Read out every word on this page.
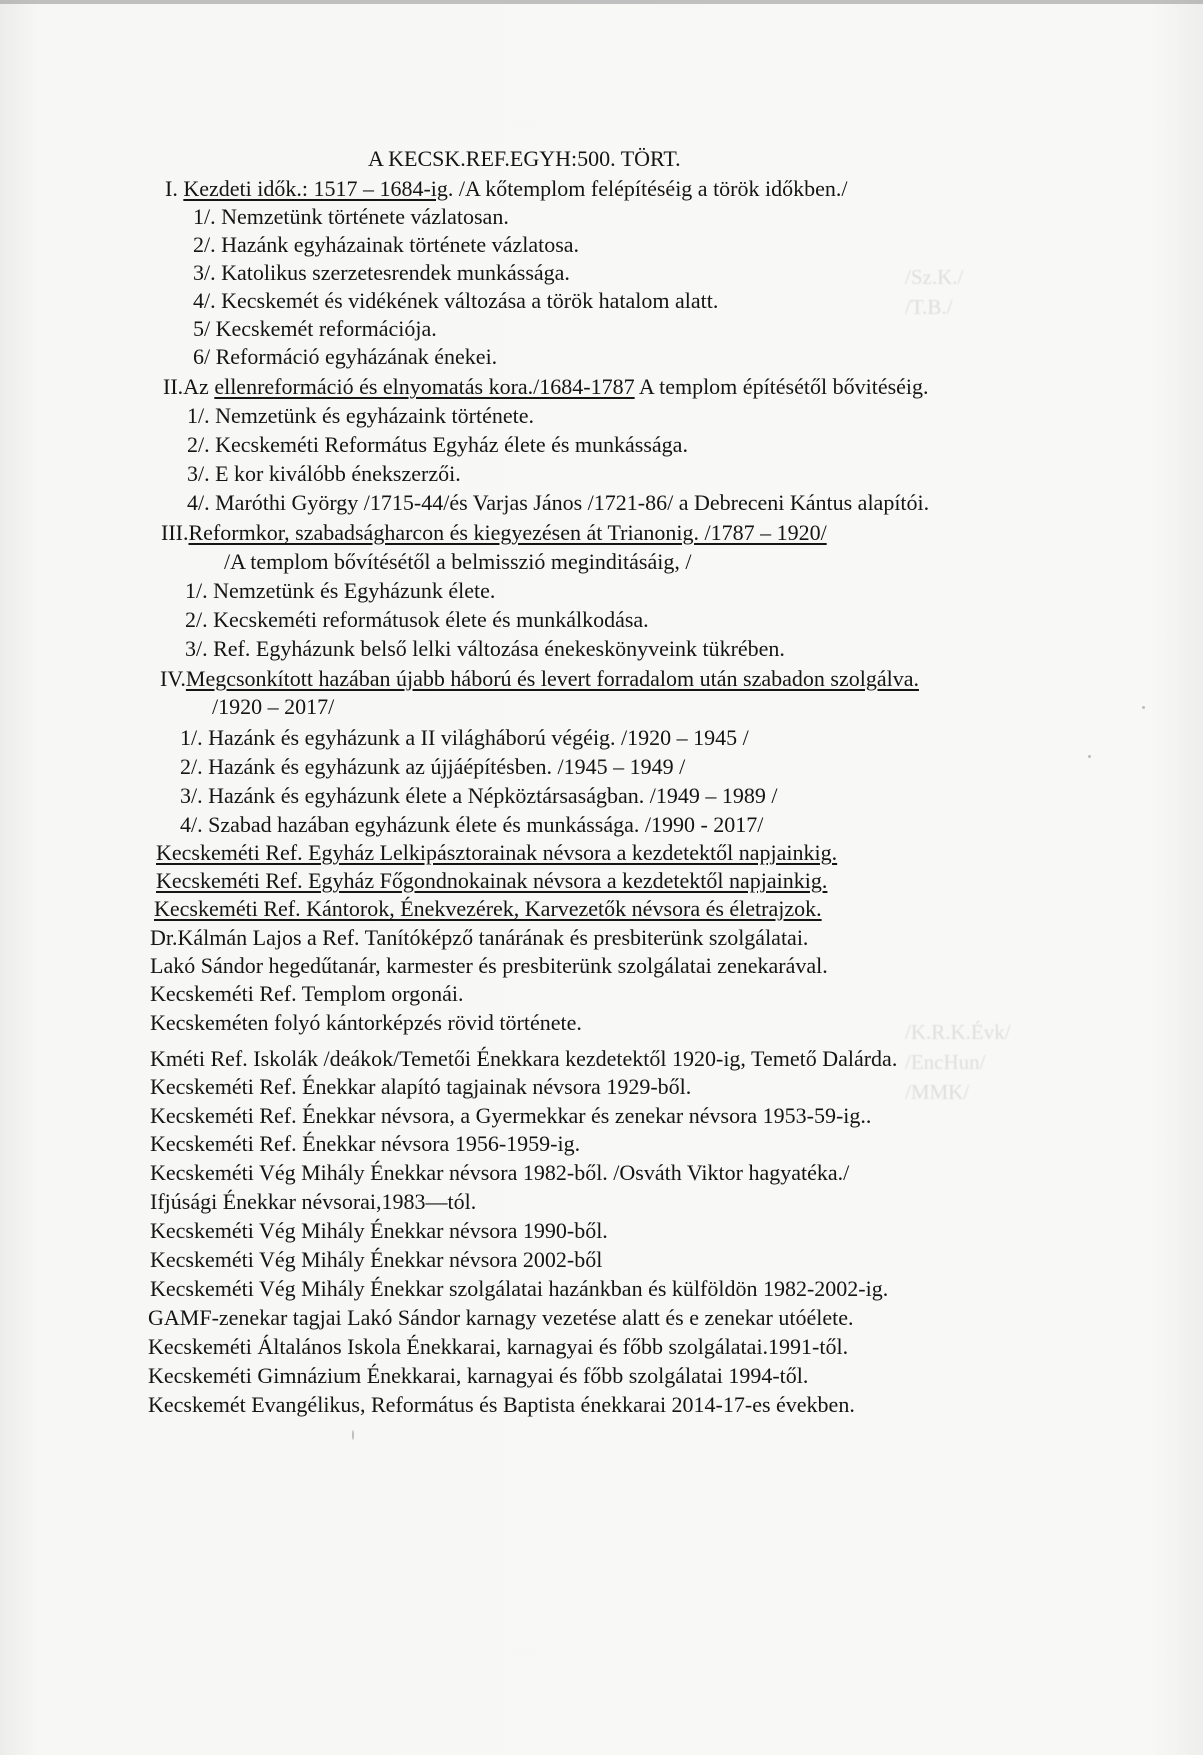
/Sz.K./
/T.B./
/K.R.K.Évk/
/EncHun/
/MMK/
A KECSK.REF.EGYH:500. TÖRT.
I. Kezdeti idők.: 1517 – 1684-ig. /A kőtemplom felépítéséig a török időkben./
1/. Nemzetünk története vázlatosan.
2/. Hazánk egyházainak története vázlatosa.
3/. Katolikus szerzetesrendek munkássága.
4/. Kecskemét és vidékének változása a török hatalom alatt.
5/ Kecskemét reformációja.
6/ Reformáció egyházának énekei.
II.Az ellenreformáció és elnyomatás kora./1684-1787 A templom építésétől bővitéséig.
1/. Nemzetünk és egyházaink története.
2/. Kecskeméti Református Egyház élete és munkássága.
3/. E kor kiválóbb énekszerzői.
4/. Maróthi György /1715-44/és Varjas János /1721-86/ a Debreceni Kántus alapítói.
III.Reformkor, szabadságharcon és kiegyezésen át Trianonig. /1787 – 1920/
/A templom bővítésétől a belmisszió meginditásáig, /
1/. Nemzetünk és Egyházunk élete.
2/. Kecskeméti reformátusok élete és munkálkodása.
3/. Ref. Egyházunk belső lelki változása énekeskönyveink tükrében.
IV.Megcsonkított hazában újabb háború és levert forradalom után szabadon szolgálva.
/1920 – 2017/
1/. Hazánk és egyházunk a II világháború végéig. /1920 – 1945 /
2/. Hazánk és egyházunk az újjáépítésben. /1945 – 1949 /
3/. Hazánk és egyházunk élete a Népköztársaságban. /1949 – 1989 /
4/. Szabad hazában egyházunk élete és munkássága. /1990 - 2017/
Kecskeméti Ref. Egyház Lelkipásztorainak névsora a kezdetektől napjainkig.
Kecskeméti Ref. Egyház Főgondnokainak névsora a kezdetektől napjainkig.
Kecskeméti Ref. Kántorok, Énekvezérek, Karvezetők névsora és életrajzok.
Dr.Kálmán Lajos a Ref. Tanítóképző tanárának és presbiterünk szolgálatai.
Lakó Sándor hegedűtanár, karmester és presbiterünk szolgálatai zenekarával.
Kecskeméti Ref. Templom orgonái.
Kecskeméten folyó kántorképzés rövid története.
Kméti Ref. Iskolák /deákok/Temetői Énekkara kezdetektől 1920-ig, Temető Dalárda.
Kecskeméti Ref. Énekkar alapító tagjainak névsora 1929-ből.
Kecskeméti Ref. Énekkar névsora, a Gyermekkar és zenekar névsora 1953-59-ig..
Kecskeméti Ref. Énekkar névsora 1956-1959-ig.
Kecskeméti Vég Mihály Énekkar névsora 1982-ből. /Osváth Viktor hagyatéka./
Ifjúsági Énekkar névsorai,1983—tól.
Kecskeméti Vég Mihály Énekkar névsora 1990-ből.
Kecskeméti Vég Mihály Énekkar névsora 2002-ből
Kecskeméti Vég Mihály Énekkar szolgálatai hazánkban és külföldön 1982-2002-ig.
GAMF-zenekar tagjai Lakó Sándor karnagy vezetése alatt és e zenekar utóélete.
Kecskeméti Általános Iskola Énekkarai, karnagyai és főbb szolgálatai.1991-től.
Kecskeméti Gimnázium Énekkarai, karnagyai és főbb szolgálatai 1994-től.
Kecskemét Evangélikus, Református és Baptista énekkarai 2014-17-es években.
